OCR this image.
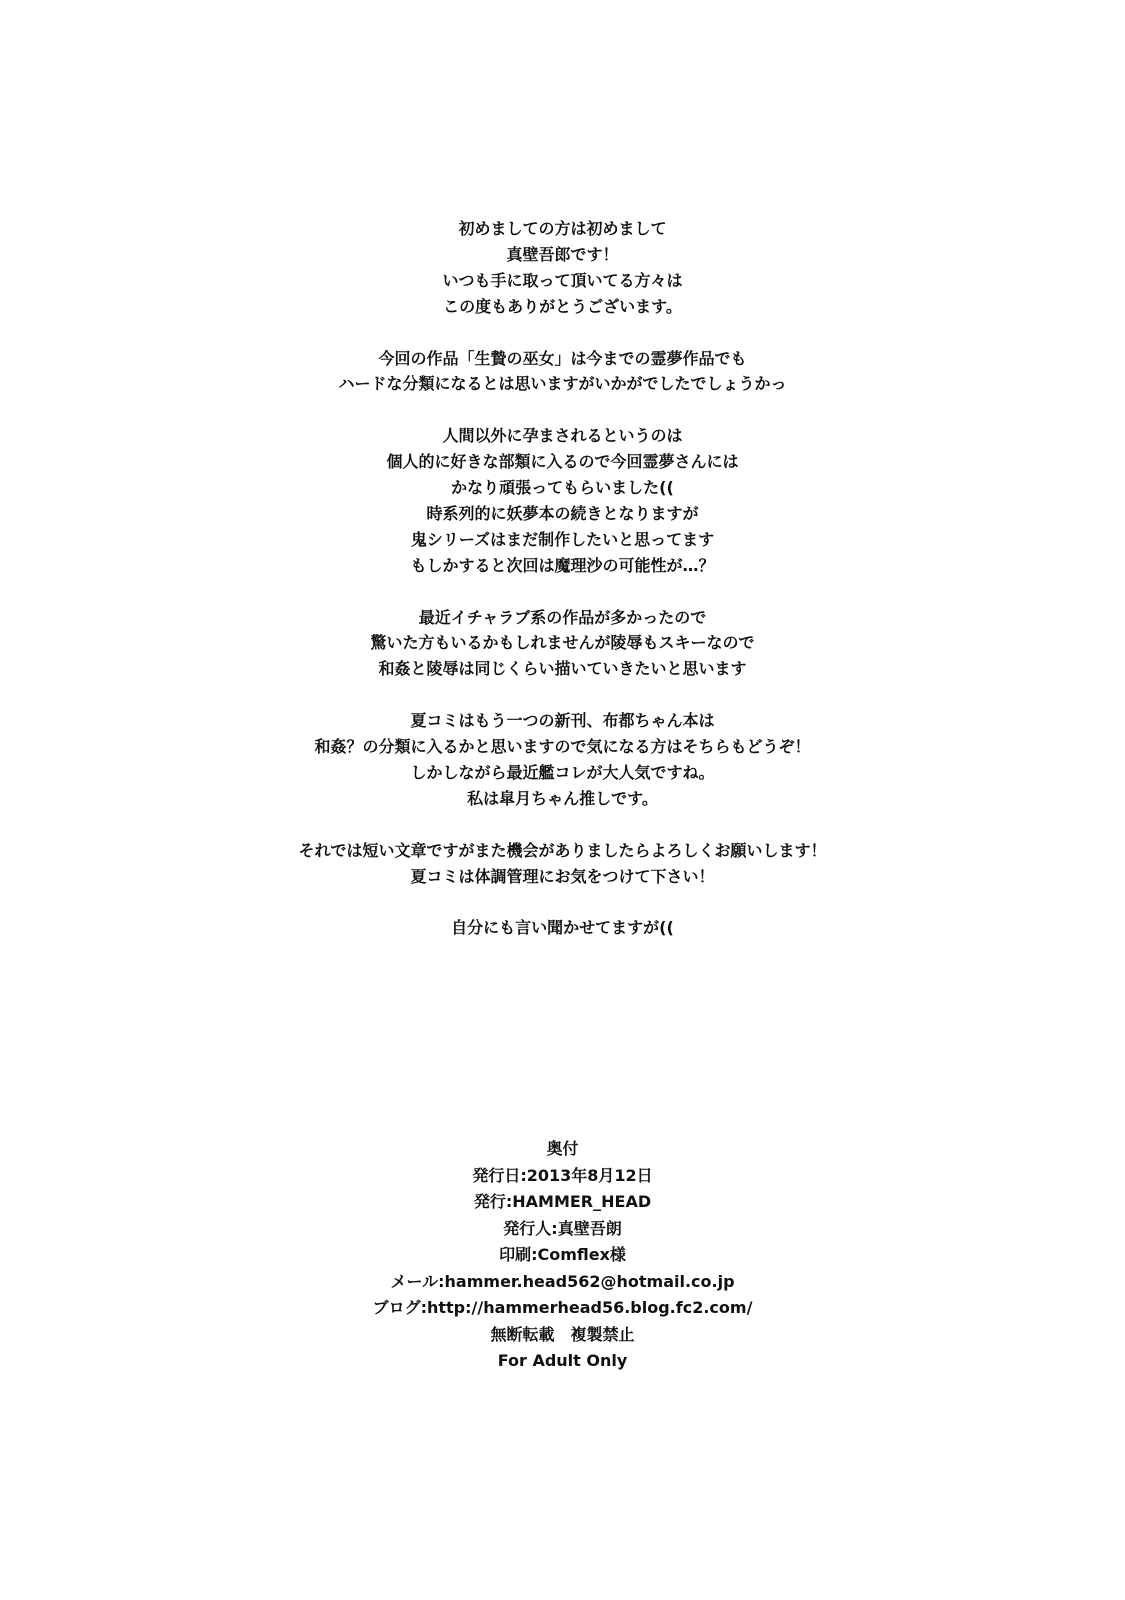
初めましての方は初めまして
真壁吾郎です！
いつも手に取って頂いてる方々は
この度もありがとうございます。

今回の作品「生贄の巫女」は今までの霊夢作品でも
ハードな分類になるとは思いますがいかがでしたでしょうかっ

人間以外に孕まされるというのは
個人的に好きな部類に入るので今回霊夢さんには
かなり頑張ってもらいました((
時系列的に妖夢本の続きとなりますが
鬼シリーズはまだ制作したいと思ってます
もしかすると次回は魔理沙の可能性が…？

最近イチャラブ系の作品が多かったので
驚いた方もいるかもしれませんが陵辱もスキーなので
和姦と陵辱は同じくらい描いていきたいと思います

夏コミはもう一つの新刊、布都ちゃん本は
和姦？の分類に入るかと思いますので気になる方はそちらもどうぞ！
しかしながら最近艦コレが大人気ですね。
私は皐月ちゃん推しです。

それでは短い文章ですがまた機会がありましたらよろしくお願いします！
夏コミは体調管理にお気をつけて下さい！

自分にも言い聞かせてますが((

奥付
発行日:2013年8月12日
発行:HAMMER_HEAD
発行人:真壁吾朗
印刷:Comflex様
メール:hammer.head562@hotmail.co.jp
ブログ:http://hammerhead56.blog.fc2.com/
無断転載　複製禁止
For Adult Only
